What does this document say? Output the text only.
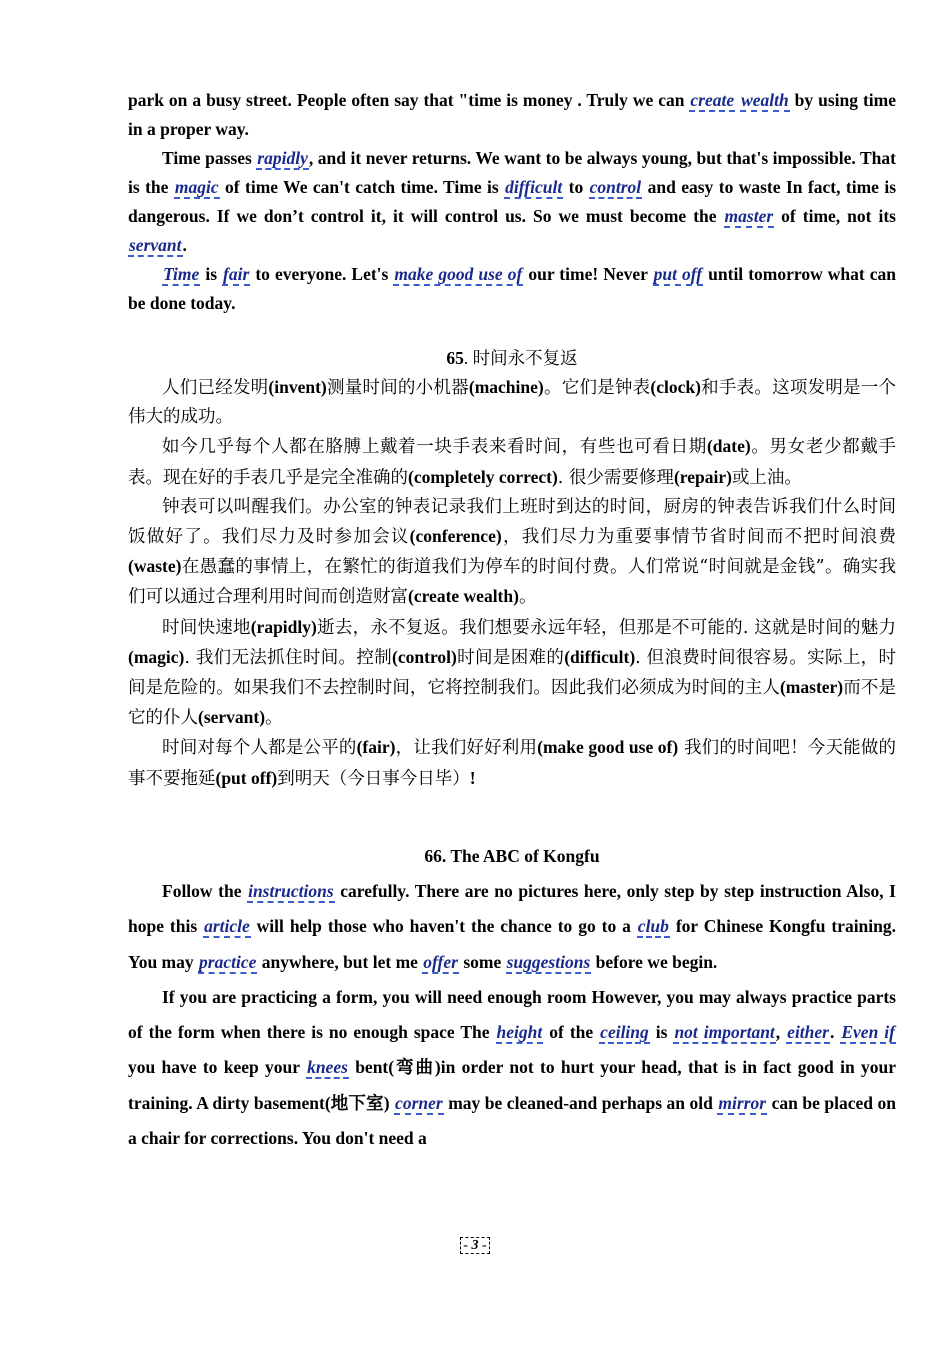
park on a busy street. People often say that "time is money . Truly we can create wealth by using time in a proper way.

Time passes rapidly, and it never returns. We want to be always young, but that's impossible. That is the magic of time We can't catch time. Time is difficult to control and easy to waste In fact, time is dangerous. If we don’t control it, it will control us. So we must become the master of time, not its servant.

Time is fair to everyone. Let's make good use of our time! Never put off until tomorrow what can be done today.

65. 时间永不复返

人们已经发明(invent)测量时间的小机器(machine)。它们是钟表(clock)和手表。这项发明是一个伟大的成功。

如今几乎每个人都在胳膊上戴着一块手表来看时间，有些也可看日期(date)。男女老少都戴手表。现在好的手表几乎是完全准确的(completely correct). 很少需要修理(repair)或上油。

钟表可以叫醒我们。办公室的钟表记录我们上班时到达的时间，厨房的钟表告诉我们什么时间饭做好了。我们尽力及时参加会议(conference)，我们尽力为重要事情节省时间而不把时间浪费(waste)在愚蠢的事情上，在繁忙的街道我们为停车的时间付费。人们常说“时间就是金钱”。确实我们可以通过合理利用时间而创造财富(create wealth)。

时间快速地(rapidly)逝去，永不复返。我们想要永远年轻，但那是不可能的. 这就是时间的魅力(magic). 我们无法抓住时间。控制(control)时间是困难的(difficult). 但浪费时间很容易。实际上，时间是危险的。如果我们不去控制时间，它将控制我们。因此我们必须成为时间的主人(master)而不是它的仆人(servant)。

时间对每个人都是公平的(fair)，让我们好好利用(make good use of) 我们的时间吧！今天能做的事不要拖延(put off)到明天（今日事今日毕）!

66. The ABC of Kongfu

Follow the instructions carefully. There are no pictures here, only step by step instruction Also, I hope this article will help those who haven't the chance to go to a club for Chinese Kongfu training. You may practice anywhere, but let me offer some suggestions before we begin.

If you are practicing a form, you will need enough room However, you may always practice parts of the form when there is no enough space The height of the ceiling is not important, either. Even if you have to keep your knees bent(弯曲)in order not to hurt your head, that is in fact good in your training. A dirty basement(地下室) corner may be cleaned-and perhaps an old mirror can be placed on a chair for corrections. You don't need a

- 3 -
